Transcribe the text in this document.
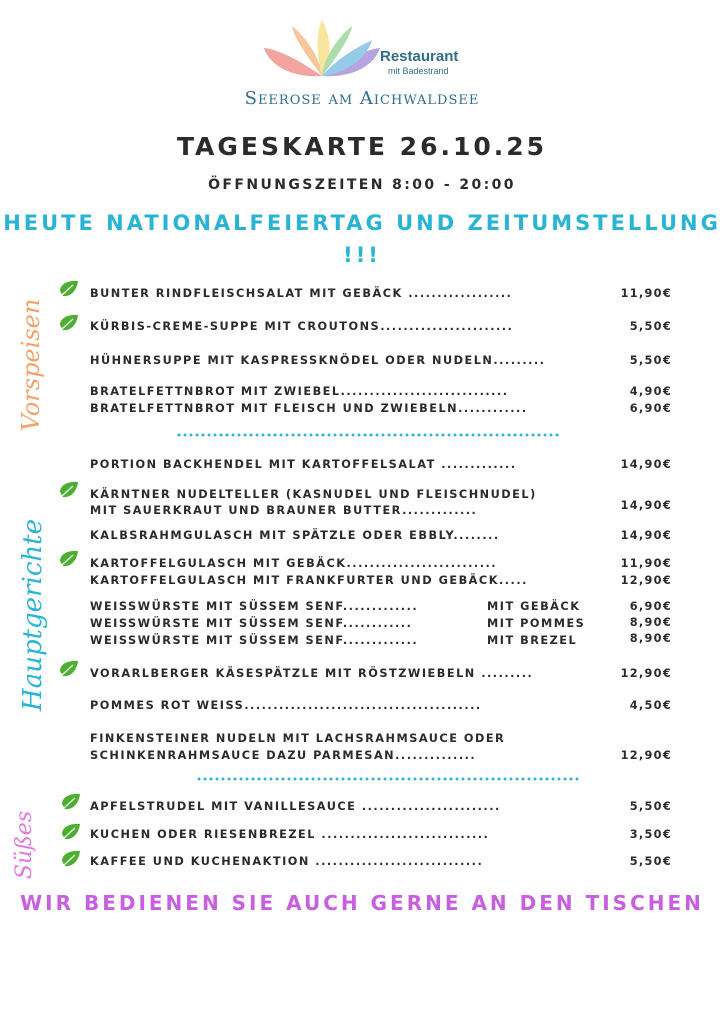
Restaurant
mit Badestrand
Seerose am Aichwaldsee
TAGESKARTE 26.10.25
ÖFFNUNGSZEITEN 8:00 - 20:00
HEUTE NATIONALFEIERTAG UND ZEITUMSTELLUNG !!!
Vorspeisen
Hauptgerichte
Süßes
BUNTER RINDFLEISCHSALAT MIT GEBÄCK ..................	11,90€
KÜRBIS-CREME-SUPPE MIT CROUTONS.......................	5,50€
HÜHNERSUPPE MIT KASPRESSKNÖDEL ODER NUDELN.........	5,50€
BRATELFETTNBROT MIT ZWIEBEL.............................	4,90€
BRATELFETTNBROT MIT FLEISCH UND ZWIEBELN............	6,90€
PORTION BACKHENDEL MIT KARTOFFELSALAT .............	14,90€
KÄRNTNER NUDELTELLER (KASNUDEL UND FLEISCHNUDEL)
MIT SAUERKRAUT UND BRAUNER BUTTER.............	14,90€
KALBSRAHMGULASCH MIT SPÄTZLE ODER EBBLY........	14,90€
KARTOFFELGULASCH MIT GEBÄCK..........................	11,90€
KARTOFFELGULASCH MIT FRANKFURTER UND GEBÄCK.....	12,90€
WEISSWÜRSTE MIT SÜSSEM SENF.............	MIT GEBÄCK	6,90€
WEISSWÜRSTE MIT SÜSSEM SENF............	MIT POMMES	8,90€
WEISSWÜRSTE MIT SÜSSEM SENF.............	MIT BREZEL	8,90€
VORARLBERGER KÄSESPÄTZLE MIT RÖSTZWIEBELN .........	12,90€
POMMES ROT WEISS.........................................	4,50€
FINKENSTEINER NUDELN MIT LACHSRAHMSAUCE ODER
SCHINKENRAHMSAUCE DAZU PARMESAN..............	12,90€
APFELSTRUDEL MIT VANILLESAUCE ........................	5,50€
KUCHEN ODER RIESENBREZEL .............................	3,50€
KAFFEE UND KUCHENAKTION .............................	5,50€
WIR BEDIENEN SIE AUCH GERNE AN DEN TISCHEN
